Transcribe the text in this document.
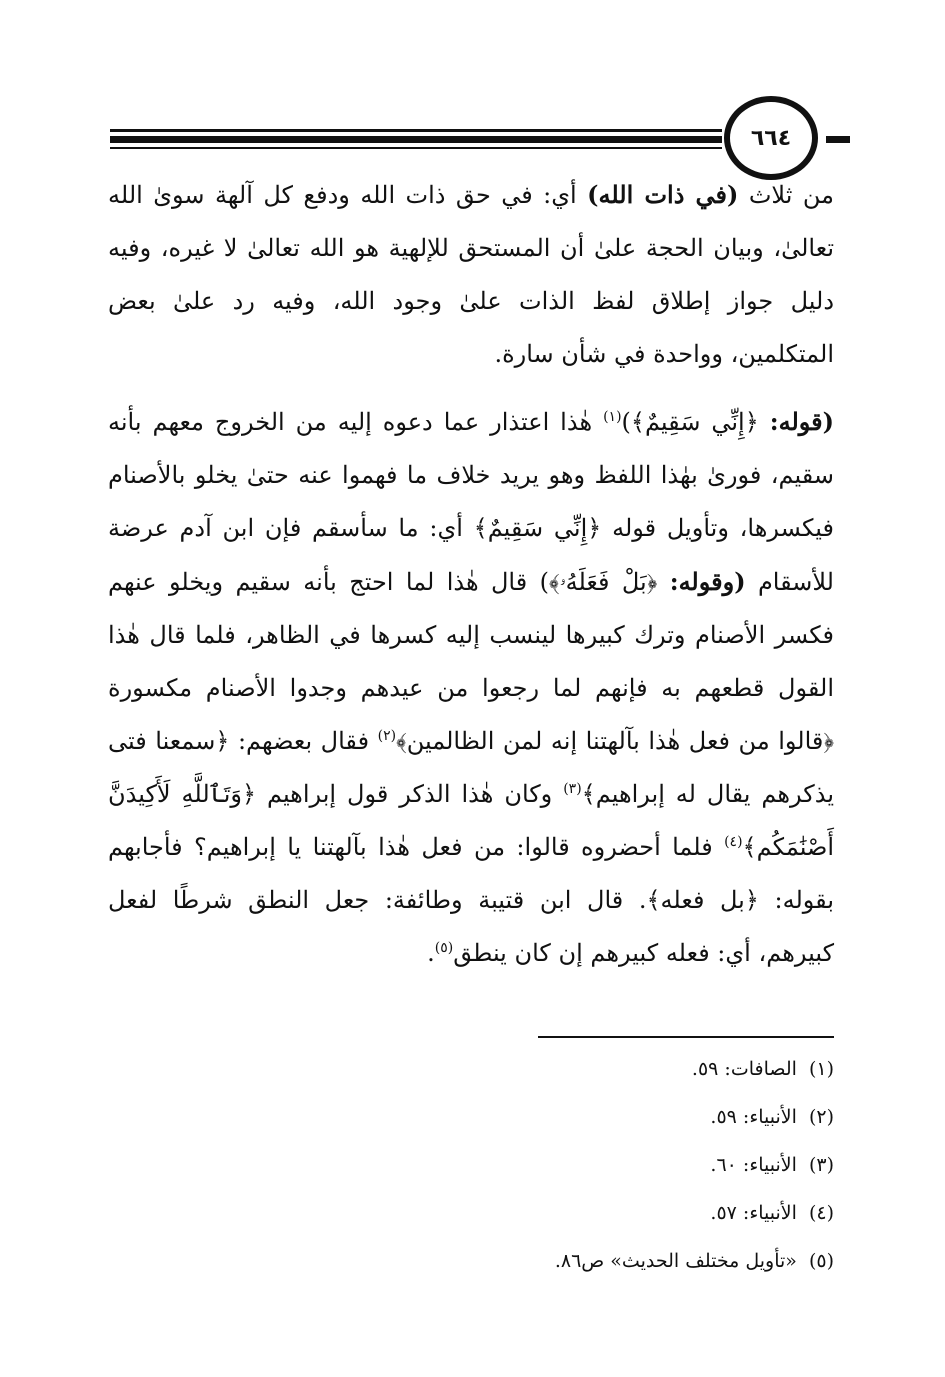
٦٦٤

من ثلاث (في ذات الله) أي: في حق ذات الله ودفع كل آلهة سوىٰ الله تعالىٰ، وبيان الحجة علىٰ أن المستحق للإلهية هو الله تعالىٰ لا غيره، وفيه دليل جواز إطلاق لفظ الذات علىٰ وجود الله، وفيه رد علىٰ بعض المتكلمين، وواحدة في شأن سارة.

(قوله: ﴿إِنِّي سَقِيمٌ﴾)$^{(١)}$ هٰذا اعتذار عما دعوه إليه من الخروج معهم بأنه سقيم، فورىٰ بهٰذا اللفظ وهو يريد خلاف ما فهموا عنه حتىٰ يخلو بالأصنام فيكسرها، وتأويل قوله ﴿إِنِّي سَقِيمٌ﴾ أي: ما سأسقم فإن ابن آدم عرضة للأسقام (وقوله: ﴿بَلْ فَعَلَهُۥ﴾) قال هٰذا لما احتج بأنه سقيم ويخلو عنهم فكسر الأصنام وترك كبيرها لينسب إليه كسرها في الظاهر، فلما قال هٰذا القول قطعهم به فإنهم لما رجعوا من عيدهم وجدوا الأصنام مكسورة ﴿قالوا من فعل هٰذا بآلهتنا إنه لمن الظالمين﴾$^{(٢)}$ فقال بعضهم: ﴿سمعنا فتى يذكرهم يقال له إبراهيم﴾$^{(٣)}$ وكان هٰذا الذكر قول إبراهيم ﴿وَتَٱللَّهِ لَأَكِيدَنَّ أَصْنَٰمَكُم﴾$^{(٤)}$ فلما أحضروه قالوا: من فعل هٰذا بآلهتنا يا إبراهيم؟ فأجابهم بقوله: ﴿بل فعله﴾. قال ابن قتيبة وطائفة: جعل النطق شرطًا لفعل كبيرهم، أي: فعله كبيرهم إن كان ينطق$^{(٥)}$.

(١)الصافات: ٥٩.
(٢)الأنبياء: ٥٩.
(٣)الأنبياء: ٦٠.
(٤)الأنبياء: ٥٧.
(٥)«تأويل مختلف الحديث» ص٨٦.
